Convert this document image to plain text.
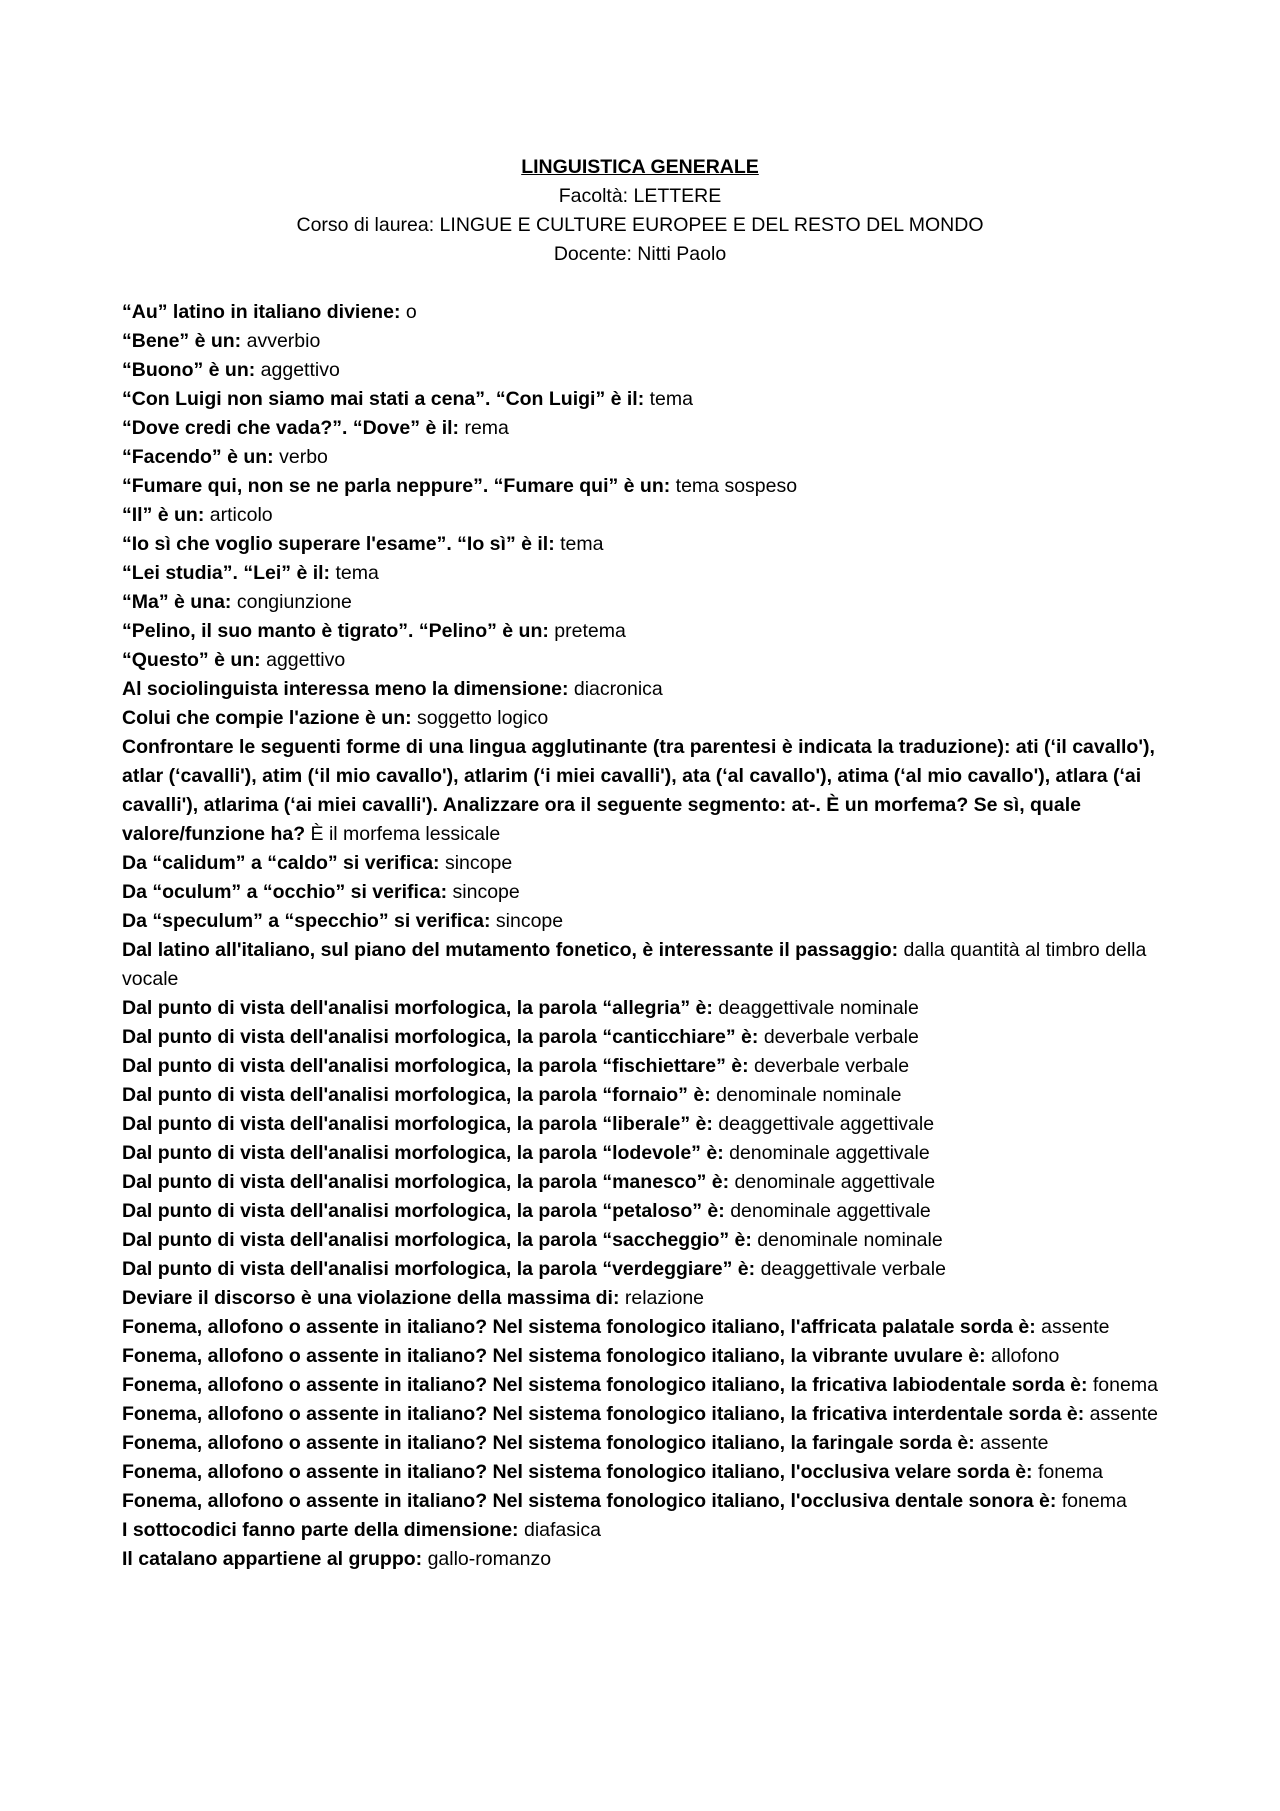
LINGUISTICA GENERALE
Facoltà: LETTERE
Corso di laurea: LINGUE E CULTURE EUROPEE E DEL RESTO DEL MONDO
Docente: Nitti Paolo
“Au” latino in italiano diviene: o
“Bene” è un: avverbio
“Buono” è un: aggettivo
“Con Luigi non siamo mai stati a cena”. “Con Luigi” è il: tema
“Dove credi che vada?”. “Dove” è il: rema
“Facendo” è un: verbo
“Fumare qui, non se ne parla neppure”. “Fumare qui” è un: tema sospeso
“Il” è un: articolo
“Io sì che voglio superare l'esame”. “Io sì” è il: tema
“Lei studia”. “Lei” è il: tema
“Ma” è una: congiunzione
“Pelino, il suo manto è tigrato”. “Pelino” è un: pretema
“Questo” è un: aggettivo
Al sociolinguista interessa meno la dimensione: diacronica
Colui che compie l'azione è un: soggetto logico
Confrontare le seguenti forme di una lingua agglutinante (tra parentesi è indicata la traduzione): ati (‘il cavallo'), atlar (‘cavalli'), atim (‘il mio cavallo'), atlarim (‘i miei cavalli'), ata (‘al cavallo'), atima (‘al mio cavallo'), atlara (‘ai cavalli'), atlarima (‘ai miei cavalli'). Analizzare ora il seguente segmento: at-. È un morfema? Se sì, quale valore/funzione ha? È il morfema lessicale
Da “calidum” a “caldo” si verifica: sincope
Da “oculum” a “occhio” si verifica: sincope
Da “speculum” a “specchio” si verifica: sincope
Dal latino all'italiano, sul piano del mutamento fonetico, è interessante il passaggio: dalla quantità al timbro della vocale
Dal punto di vista dell'analisi morfologica, la parola “allegria” è: deaggettivale nominale
Dal punto di vista dell'analisi morfologica, la parola “canticchiare” è: deverbale verbale
Dal punto di vista dell'analisi morfologica, la parola “fischiettare” è: deverbale verbale
Dal punto di vista dell'analisi morfologica, la parola “fornaio” è: denominale nominale
Dal punto di vista dell'analisi morfologica, la parola “liberale” è: deaggettivale aggettivale
Dal punto di vista dell'analisi morfologica, la parola “lodevole” è: denominale aggettivale
Dal punto di vista dell'analisi morfologica, la parola “manesco” è: denominale aggettivale
Dal punto di vista dell'analisi morfologica, la parola “petaloso” è: denominale aggettivale
Dal punto di vista dell'analisi morfologica, la parola “saccheggio” è: denominale nominale
Dal punto di vista dell'analisi morfologica, la parola “verdeggiare” è: deaggettivale verbale
Deviare il discorso è una violazione della massima di: relazione
Fonema, allofono o assente in italiano? Nel sistema fonologico italiano, l'affricata palatale sorda è: assente
Fonema, allofono o assente in italiano? Nel sistema fonologico italiano, la vibrante uvulare è: allofono
Fonema, allofono o assente in italiano? Nel sistema fonologico italiano, la fricativa labiodentale sorda è: fonema
Fonema, allofono o assente in italiano? Nel sistema fonologico italiano, la fricativa interdentale sorda è: assente
Fonema, allofono o assente in italiano? Nel sistema fonologico italiano, la faringale sorda è: assente
Fonema, allofono o assente in italiano? Nel sistema fonologico italiano, l'occlusiva velare sorda è: fonema
Fonema, allofono o assente in italiano? Nel sistema fonologico italiano, l'occlusiva dentale sonora è: fonema
I sottocodici fanno parte della dimensione: diafasica
Il catalano appartiene al gruppo: gallo-romanzo
